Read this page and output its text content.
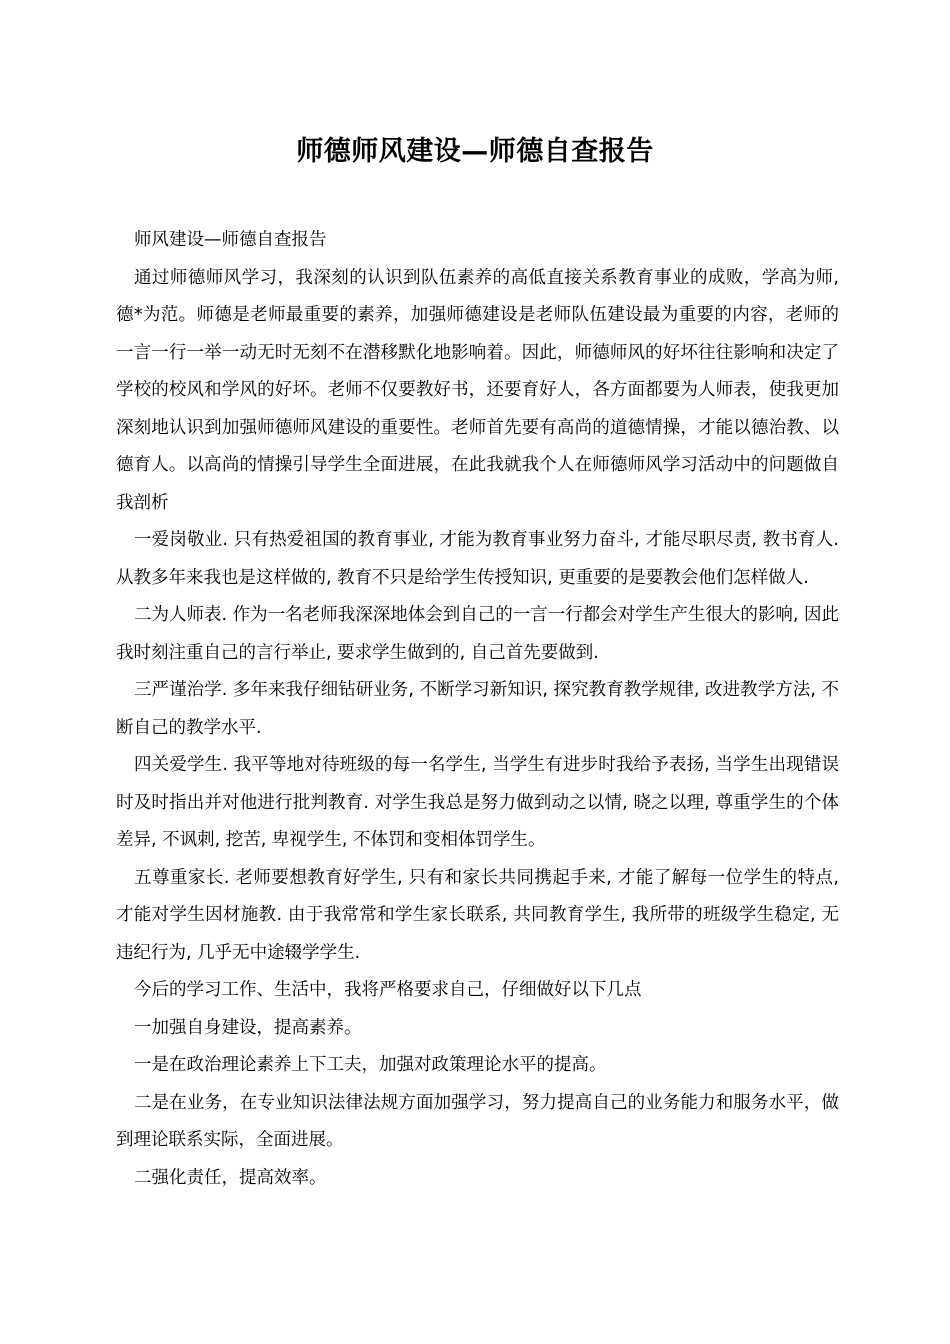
师德师风建设—师德自查报告

师风建设—师德自查报告

通过师德师风学习，我深刻的认识到队伍素养的高低直接关系教育事业的成败，学高为师, 德*为范。师德是老师最重要的素养，加强师德建设是老师队伍建设最为重要的内容，老师的一言一行一举一动无时无刻不在潜移默化地影响着。因此，师德师风的好坏往往影响和决定了学校的校风和学风的好坏。老师不仅要教好书，还要育好人，各方面都要为人师表，使我更加深刻地认识到加强师德师风建设的重要性。老师首先要有高尚的道德情操，才能以德治教、以德育人。以高尚的情操引导学生全面进展，在此我就我个人在师德师风学习活动中的问题做自我剖析

一爱岗敬业. 只有热爱祖国的教育事业, 才能为教育事业努力奋斗, 才能尽职尽责, 教书育人. 从教多年来我也是这样做的, 教育不只是给学生传授知识, 更重要的是要教会他们怎样做人.

二为人师表. 作为一名老师我深深地体会到自己的一言一行都会对学生产生很大的影响, 因此我时刻注重自己的言行举止, 要求学生做到的, 自己首先要做到.

三严谨治学. 多年来我仔细钻研业务, 不断学习新知识, 探究教育教学规律, 改进教学方法, 不断自己的教学水平.

四关爱学生. 我平等地对待班级的每一名学生, 当学生有进步时我给予表扬, 当学生出现错误时及时指出并对他进行批判教育. 对学生我总是努力做到动之以情, 晓之以理, 尊重学生的个体差异, 不讽刺, 挖苦, 卑视学生, 不体罚和变相体罚学生。

五尊重家长. 老师要想教育好学生, 只有和家长共同携起手来, 才能了解每一位学生的特点, 才能对学生因材施教. 由于我常常和学生家长联系, 共同教育学生, 我所带的班级学生稳定, 无违纪行为, 几乎无中途辍学学生.

今后的学习工作、生活中，我将严格要求自己，仔细做好以下几点

一加强自身建设，提高素养。

一是在政治理论素养上下工夫，加强对政策理论水平的提高。

二是在业务，在专业知识法律法规方面加强学习，努力提高自己的业务能力和服务水平，做到理论联系实际，全面进展。

二强化责任，提高效率。
